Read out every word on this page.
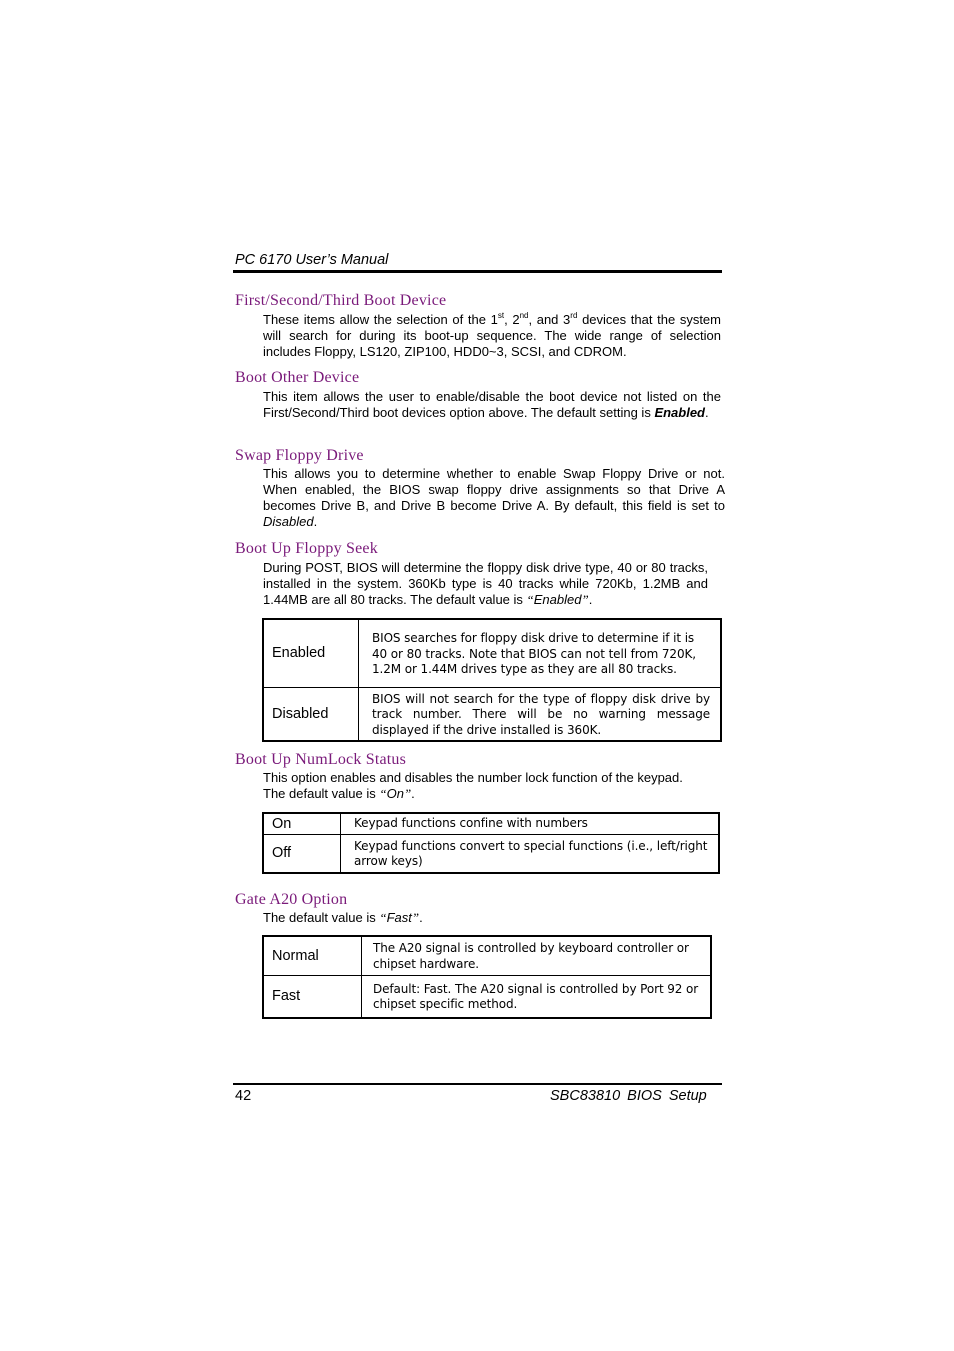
PC 6170 User’s Manual
First/Second/Third Boot Device
These items allow the selection of the 1st, 2nd, and 3rd devices that the system will search for during its boot-up sequence. The wide range of selection includes Floppy, LS120, ZIP100, HDD0~3, SCSI, and CDROM.
Boot Other Device
This item allows the user to enable/disable the boot device not listed on the First/Second/Third boot devices option above. The default setting is Enabled.
Swap Floppy Drive
This allows you to determine whether to enable Swap Floppy Drive or not. When enabled, the BIOS swap floppy drive assignments so that Drive A becomes Drive B, and Drive B become Drive A. By default, this field is set to Disabled.
Boot Up Floppy Seek
During POST, BIOS will determine the floppy disk drive type, 40 or 80 tracks, installed in the system. 360Kb type is 40 tracks while 720Kb, 1.2MB and 1.44MB are all 80 tracks. The default value is “Enabled”.
Enabled	BIOS searches for floppy disk drive to determine if it is 40 or 80 tracks. Note that BIOS can not tell from 720K, 1.2M or 1.44M drives type as they are all 80 tracks.
Disabled	BIOS will not search for the type of floppy disk drive by track number. There will be no warning message displayed if the drive installed is 360K.
Boot Up NumLock Status
This option enables and disables the number lock function of the keypad.
The default value is “On”.
On	Keypad functions confine with numbers
Off	Keypad functions convert to special functions (i.e., left/right arrow keys)
Gate A20 Option
The default value is “Fast”.
Normal	The A20 signal is controlled by keyboard controller or chipset hardware.
Fast	Default: Fast. The A20 signal is controlled by Port 92 or chipset specific method.
42	SBC83810 BIOS Setup
